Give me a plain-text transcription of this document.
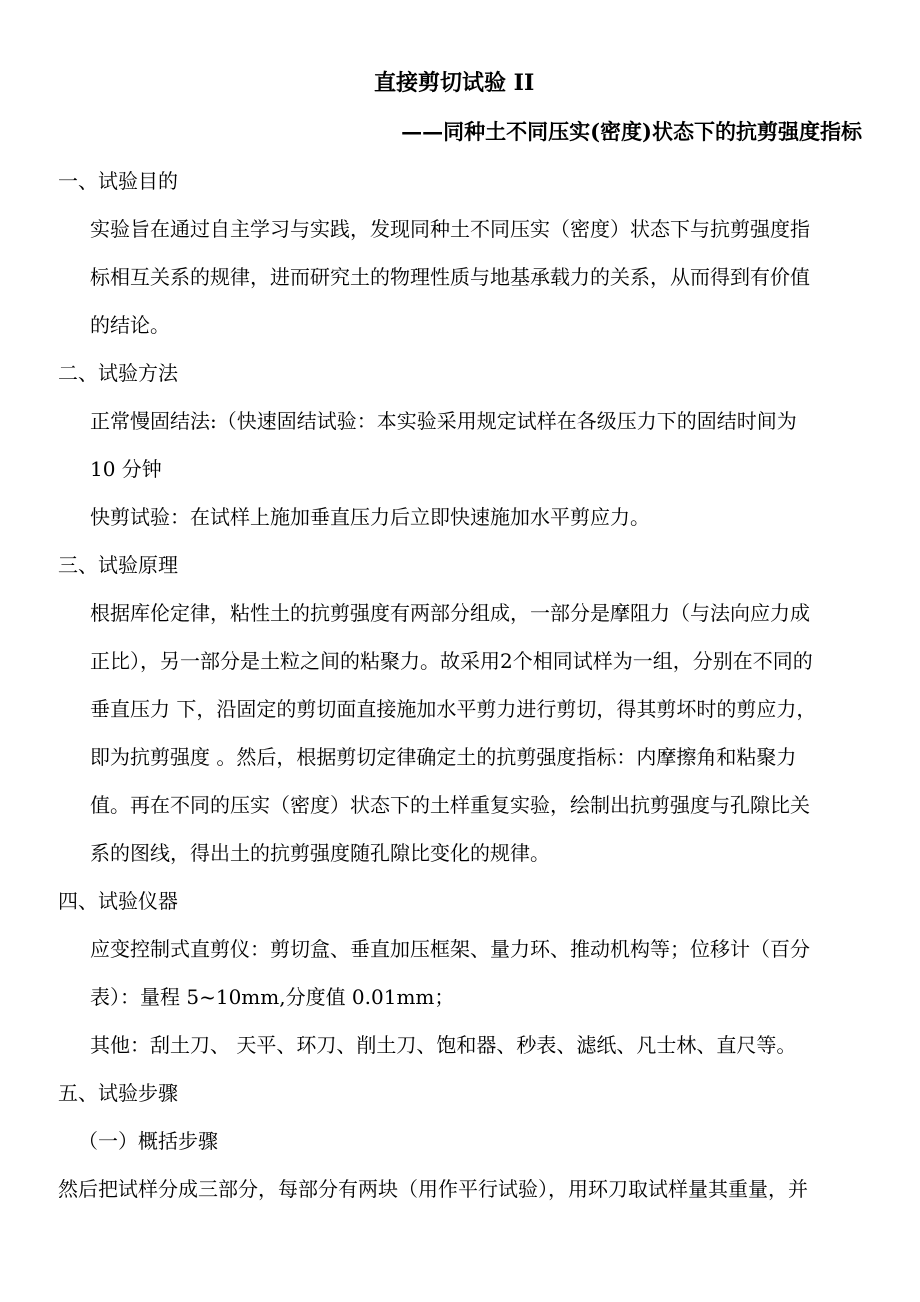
直接剪切试验 II
——同种土不同压实(密度)状态下的抗剪强度指标
一、试验目的
实验旨在通过自主学习与实践，发现同种土不同压实（密度）状态下与抗剪强度指
标相互关系的规律，进而研究土的物理性质与地基承载力的关系，从而得到有价值
的结论。
二、试验方法
正常慢固结法:（快速固结试验：本实验采用规定试样在各级压力下的固结时间为
10 分钟
快剪试验：在试样上施加垂直压力后立即快速施加水平剪应力。
三、试验原理
根据库伦定律，粘性土的抗剪强度有两部分组成，一部分是摩阻力（与法向应力成
正比），另一部分是土粒之间的粘聚力。故采用2个相同试样为一组，分别在不同的
垂直压力 下，沿固定的剪切面直接施加水平剪力进行剪切，得其剪坏时的剪应力，
即为抗剪强度 。然后，根据剪切定律确定土的抗剪强度指标：内摩擦角和粘聚力
值。再在不同的压实（密度）状态下的土样重复实验，绘制出抗剪强度与孔隙比关
系的图线，得出土的抗剪强度随孔隙比变化的规律。
四、试验仪器
应变控制式直剪仪：剪切盒、垂直加压框架、量力环、推动机构等；位移计（百分
表）：量程 5~10mm,分度值 0.01mm；
其他：刮土刀、 天平、环刀、削土刀、饱和器、秒表、滤纸、凡士林、直尺等。
五、试验步骤
（一）概括步骤
然后把试样分成三部分，每部分有两块（用作平行试验），用环刀取试样量其重量，并
